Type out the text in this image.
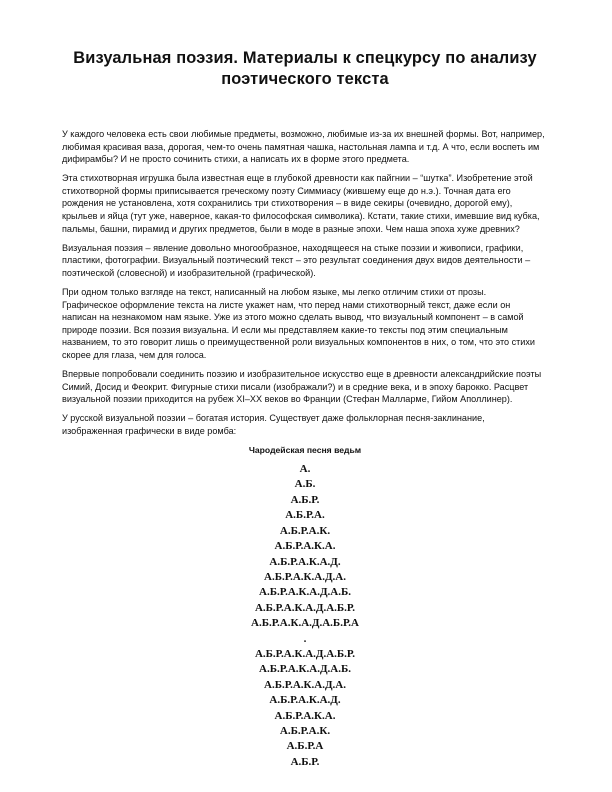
Визуальная поэзия. Материалы к спецкурсу по анализу
поэтического текста

У каждого человека есть свои любимые предметы, возможно, любимые из-за их внешней формы. Вот, например,
любимая красивая ваза, дорогая, чем-то очень памятная чашка, настольная лампа и т.д. А что, если воспеть им
дифирамбы? И не просто сочинить стихи, а написать их в форме этого предмета.

Эта стихотворная игрушка была известная еще в глубокой древности как пайгнии – “шутка”. Изобретение этой
стихотворной формы приписывается греческому поэту Симмиасу (жившему еще до н.э.). Точная дата его
рождения не установлена, хотя сохранились три стихотворения – в виде секиры (очевидно, дорогой ему),
крыльев и яйца (тут уже, наверное, какая-то философская символика). Кстати, такие стихи, имевшие вид кубка,
пальмы, башни, пирамид и других предметов, были в моде в разные эпохи. Чем наша эпоха хуже древних?

Визуальная поэзия – явление довольно многообразное, находящееся на стыке поэзии и живописи, графики,
пластики, фотографии. Визуальный поэтический текст – это результат соединения двух видов деятельности –
поэтической (словесной) и изобразительной (графической).

При одном только взгляде на текст, написанный на любом языке, мы легко отличим стихи от прозы.
Графическое оформление текста на листе укажет нам, что перед нами стихотворный текст, даже если он
написан на незнакомом нам языке. Уже из этого можно сделать вывод, что визуальный компонент – в самой
природе поэзии. Вся поэзия визуальна. И если мы представляем какие-то тексты под этим специальным
названием, то это говорит лишь о преимущественной роли визуальных компонентов в них, о том, что это стихи
скорее для глаза, чем для голоса.

Впервые попробовали соединить поэзию и изобразительное искусство еще в древности александрийские поэты
Симий, Досид и Феокрит. Фигурные стихи писали (изображали?) и в средние века, и в эпоху барокко. Расцвет
визуальной поэзии приходится на рубеж XI–XX веков во Франции (Стефан Малларме, Гийом Аполлинер).

У русской визуальной поэзии – богатая история. Существует даже фольклорная песня-заклинание,
изображенная графически в виде ромба:

Чародейская песня ведьм
А.
А.Б.
А.Б.Р.
А.Б.Р.А.
А.Б.Р.А.К.
А.Б.Р.А.К.А.
А.Б.Р.А.К.А.Д.
А.Б.Р.А.К.А.Д.А.
А.Б.Р.А.К.А.Д.А.Б.
А.Б.Р.А.К.А.Д.А.Б.Р.
А.Б.Р.А.К.А.Д.А.Б.Р.А
.
А.Б.Р.А.К.А.Д.А.Б.Р.
А.Б.Р.А.К.А.Д.А.Б.
А.Б.Р.А.К.А.Д.А.
А.Б.Р.А.К.А.Д.
А.Б.Р.А.К.А.
А.Б.Р.А.К.
А.Б.Р.А
А.Б.Р.
